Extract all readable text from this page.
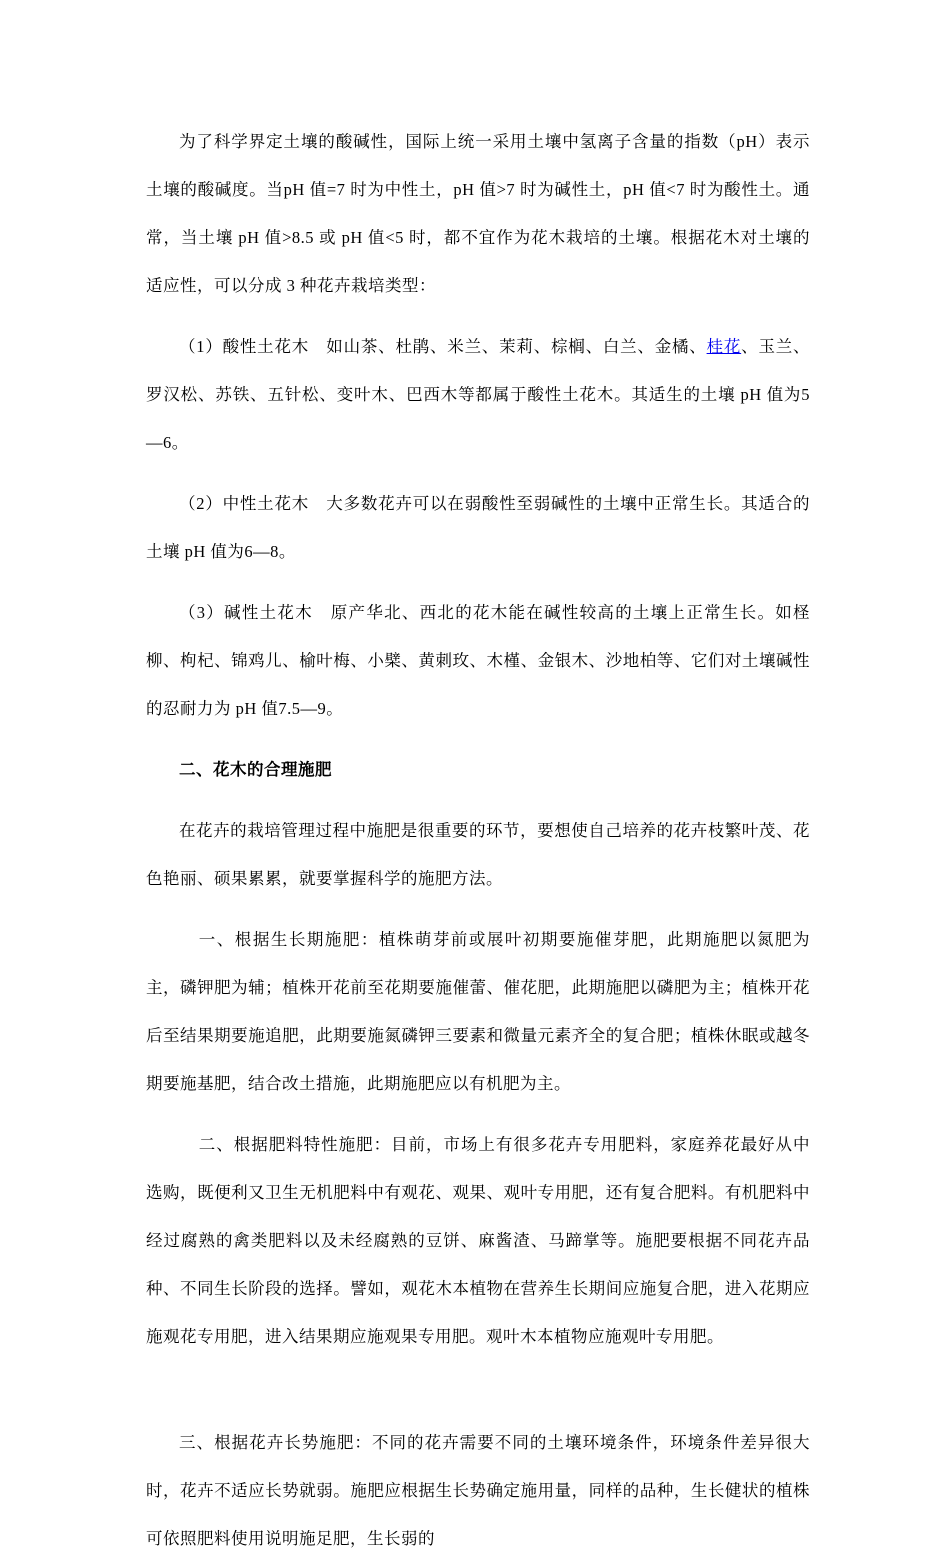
为了科学界定土壤的酸碱性，国际上统一采用土壤中氢离子含量的指数（pH）表示土壤的酸碱度。当pH 值=7 时为中性土，pH 值>7 时为碱性土，pH 值<7 时为酸性土。通常，当土壤 pH 值>8.5 或 pH 值<5 时，都不宜作为花木栽培的土壤。根据花木对土壤的适应性，可以分成 3 种花卉栽培类型：

（1）酸性土花木　如山茶、杜鹃、米兰、茉莉、棕榈、白兰、金橘、桂花、玉兰、罗汉松、苏铁、五针松、变叶木、巴西木等都属于酸性土花木。其适生的土壤 pH 值为5—6。

（2）中性土花木　大多数花卉可以在弱酸性至弱碱性的土壤中正常生长。其适合的土壤 pH 值为6—8。

（3）碱性土花木　原产华北、西北的花木能在碱性较高的土壤上正常生长。如柽柳、枸杞、锦鸡儿、榆叶梅、小檗、黄刺玫、木槿、金银木、沙地柏等、它们对土壤碱性的忍耐力为 pH 值7.5—9。

二、花木的合理施肥

在花卉的栽培管理过程中施肥是很重要的环节，要想使自己培养的花卉枝繁叶茂、花色艳丽、硕果累累，就要掌握科学的施肥方法。

一、根据生长期施肥：植株萌芽前或展叶初期要施催芽肥，此期施肥以氮肥为主，磷钾肥为辅；植株开花前至花期要施催蕾、催花肥，此期施肥以磷肥为主；植株开花后至结果期要施追肥，此期要施氮磷钾三要素和微量元素齐全的复合肥；植株休眠或越冬期要施基肥，结合改土措施，此期施肥应以有机肥为主。

二、根据肥料特性施肥：目前，市场上有很多花卉专用肥料，家庭养花最好从中选购，既便利又卫生无机肥料中有观花、观果、观叶专用肥，还有复合肥料。有机肥料中经过腐熟的禽类肥料以及未经腐熟的豆饼、麻酱渣、马蹄掌等。施肥要根据不同花卉品种、不同生长阶段的选择。譬如，观花木本植物在营养生长期间应施复合肥，进入花期应施观花专用肥，进入结果期应施观果专用肥。观叶木本植物应施观叶专用肥。

三、根据花卉长势施肥：不同的花卉需要不同的土壤环境条件，环境条件差异很大时，花卉不适应长势就弱。施肥应根据生长势确定施用量，同样的品种，生长健状的植株可依照肥料使用说明施足肥，生长弱的
